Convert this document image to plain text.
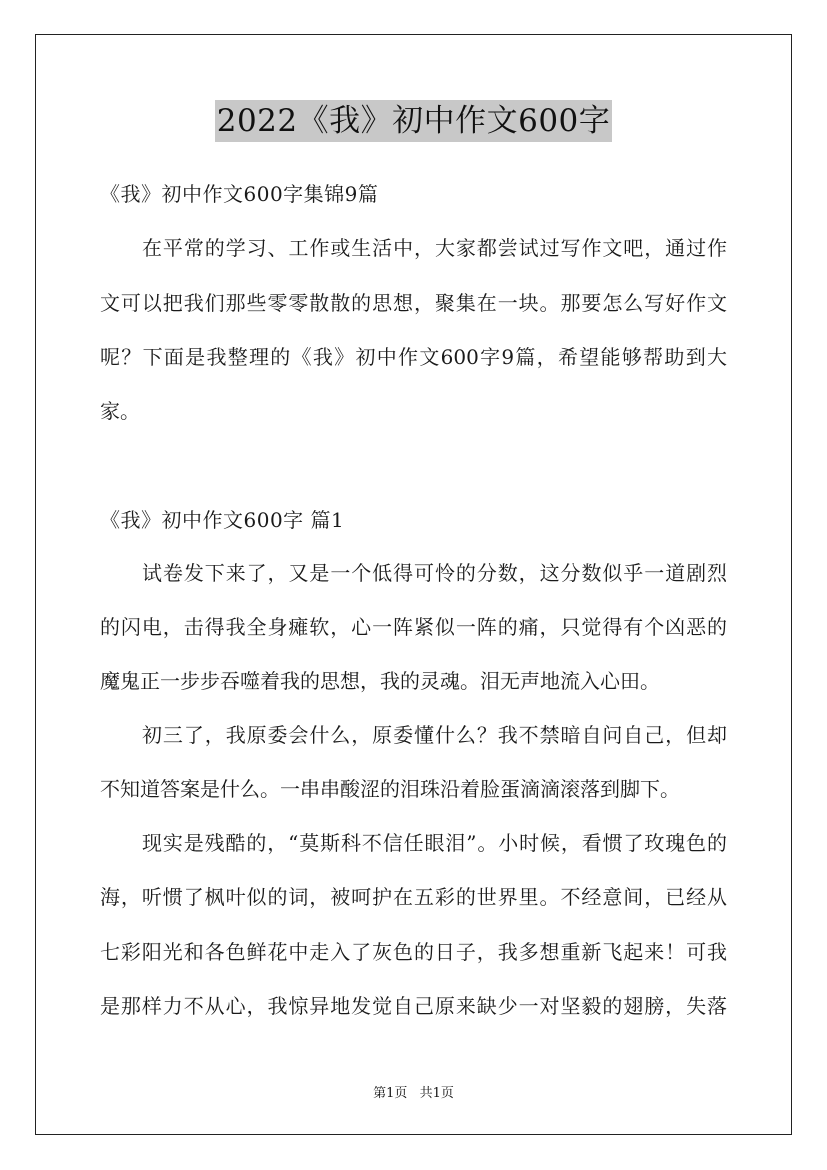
2022《我》初中作文600字
《我》初中作文600字集锦9篇
在平常的学习、工作或生活中，大家都尝试过写作文吧，通过作
文可以把我们那些零零散散的思想，聚集在一块。那要怎么写好作文
呢？下面是我整理的《我》初中作文600字9篇，希望能够帮助到大
家。
《我》初中作文600字 篇1
试卷发下来了，又是一个低得可怜的分数，这分数似乎一道剧烈
的闪电，击得我全身瘫软，心一阵紧似一阵的痛，只觉得有个凶恶的
魔鬼正一步步吞噬着我的思想，我的灵魂。泪无声地流入心田。
初三了，我原委会什么，原委懂什么？我不禁暗自问自己，但却
不知道答案是什么。一串串酸涩的泪珠沿着脸蛋滴滴滚落到脚下。
现实是残酷的，“莫斯科不信任眼泪”。小时候，看惯了玫瑰色的
海，听惯了枫叶似的词，被呵护在五彩的世界里。不经意间，已经从
七彩阳光和各色鲜花中走入了灰色的日子，我多想重新飞起来！可我
是那样力不从心，我惊异地发觉自己原来缺少一对坚毅的翅膀，失落
第1页 共1页
